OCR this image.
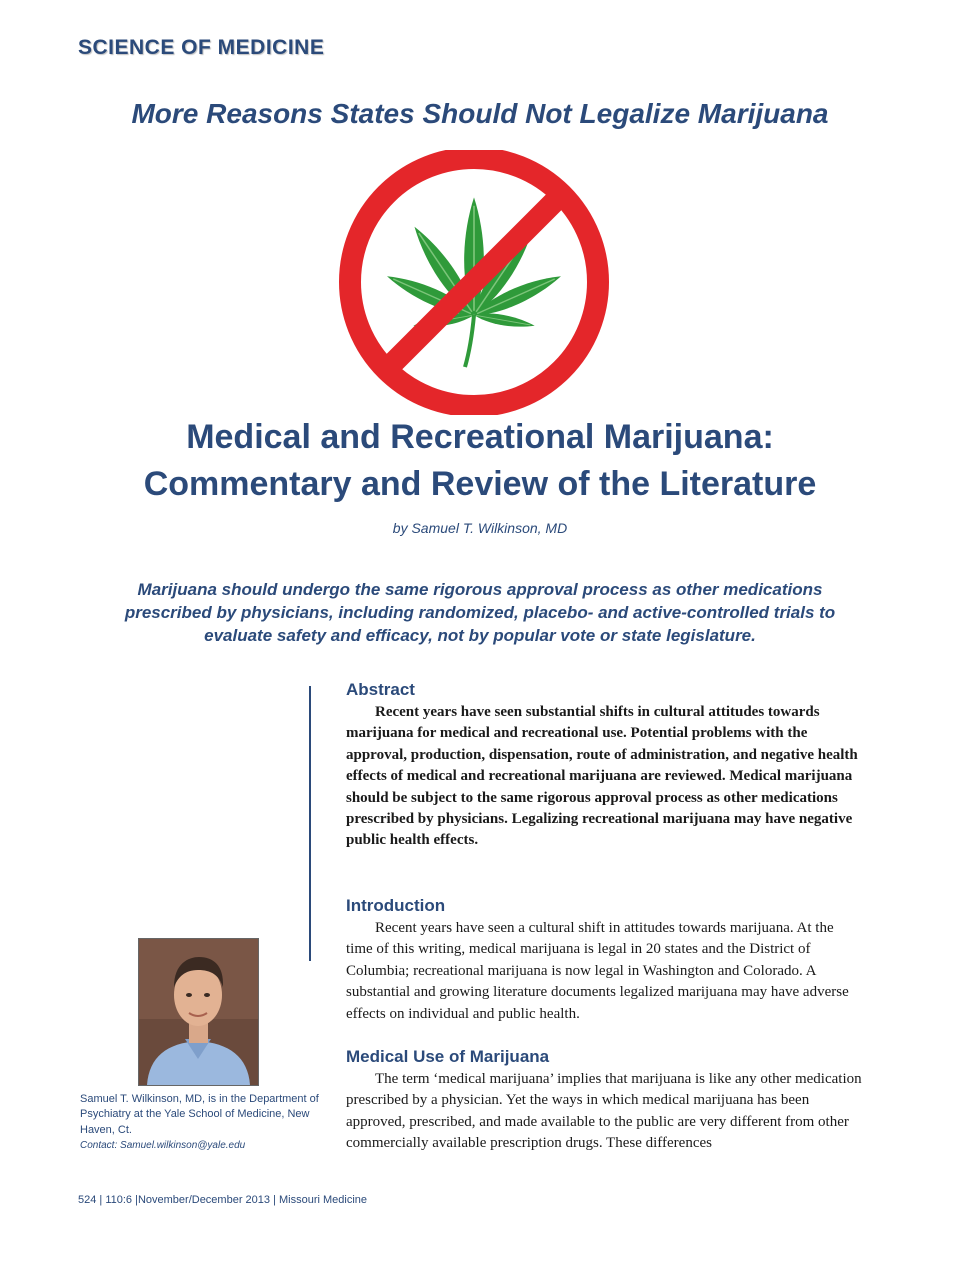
SCIENCE OF MEDICINE
More Reasons States Should Not Legalize Marijuana
Medical and Recreational Marijuana:
Commentary and Review of the Literature
by Samuel T. Wilkinson, MD
Marijuana should undergo the same rigorous approval process as other medications prescribed by physicians, including randomized, placebo- and active-controlled trials to evaluate safety and efficacy, not by popular vote or state legislature.
Abstract

Recent years have seen substantial shifts in cultural attitudes towards marijuana for medical and recreational use. Potential problems with the approval, production, dispensation, route of administration, and negative health effects of medical and recreational marijuana are reviewed. Medical marijuana should be subject to the same rigorous approval process as other medications prescribed by physicians. Legalizing recreational marijuana may have negative public health effects.

Introduction

Recent years have seen a cultural shift in attitudes towards marijuana. At the time of this writing, medical marijuana is legal in 20 states and the District of Columbia; recreational marijuana is now legal in Washington and Colorado. A substantial and growing literature documents legalized marijuana may have adverse effects on individual and public health.

Medical Use of Marijuana

The term ‘medical marijuana’ implies that marijuana is like any other medication prescribed by a physician. Yet the ways in which medical marijuana has been approved, prescribed, and made available to the public are very different from other commercially available prescription drugs. These differences

Samuel T. Wilkinson, MD, is in the Department of Psychiatry at the Yale School of Medicine, New Haven, Ct.
Contact: Samuel.wilkinson@yale.edu
524 | 110:6 |November/December 2013 | Missouri Medicine
